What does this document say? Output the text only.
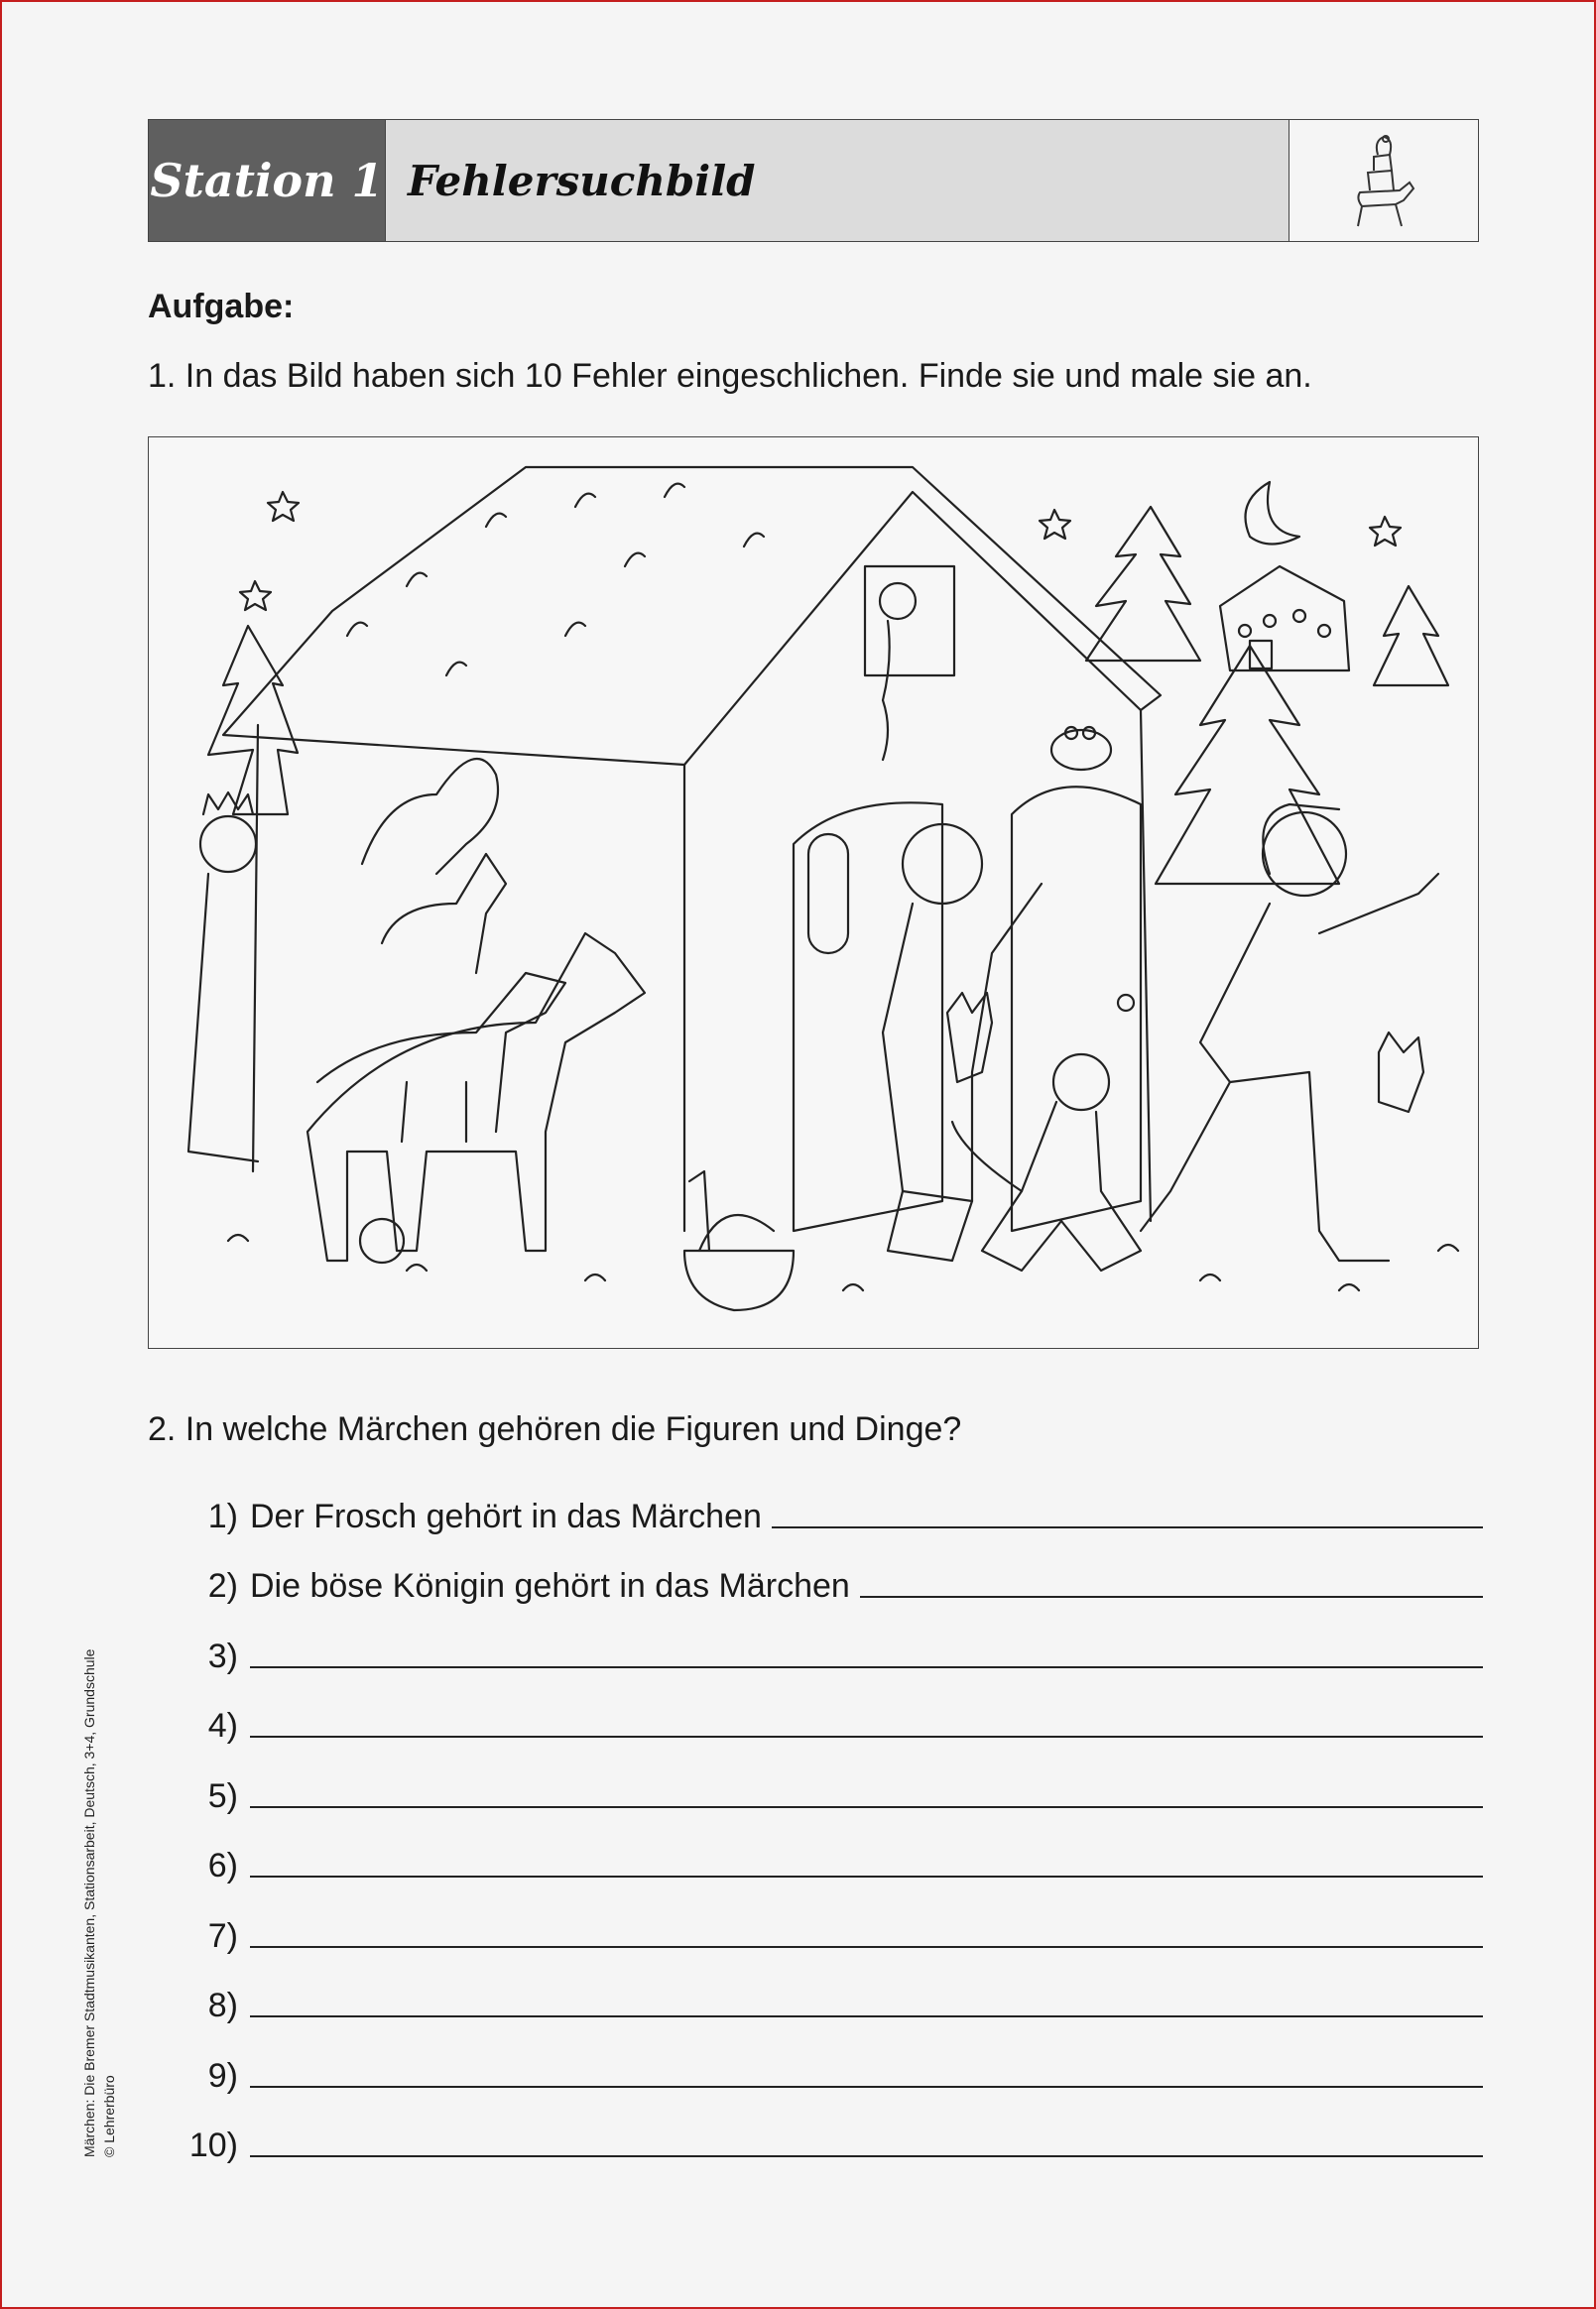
Station 1 Fehlersuchbild
Aufgabe:
1. In das Bild haben sich 10 Fehler eingeschlichen. Finde sie und male sie an.
2. In welche Märchen gehören die Figuren und Dinge?
1) Der Frosch gehört in das Märchen
2) Die böse Königin gehört in das Märchen
3)
4)
5)
6)
7)
8)
9)
10)
Märchen: Die Bremer Stadtmusikanten, Stationsarbeit, Deutsch, 3+4, Grundschule © Lehrerbüro
